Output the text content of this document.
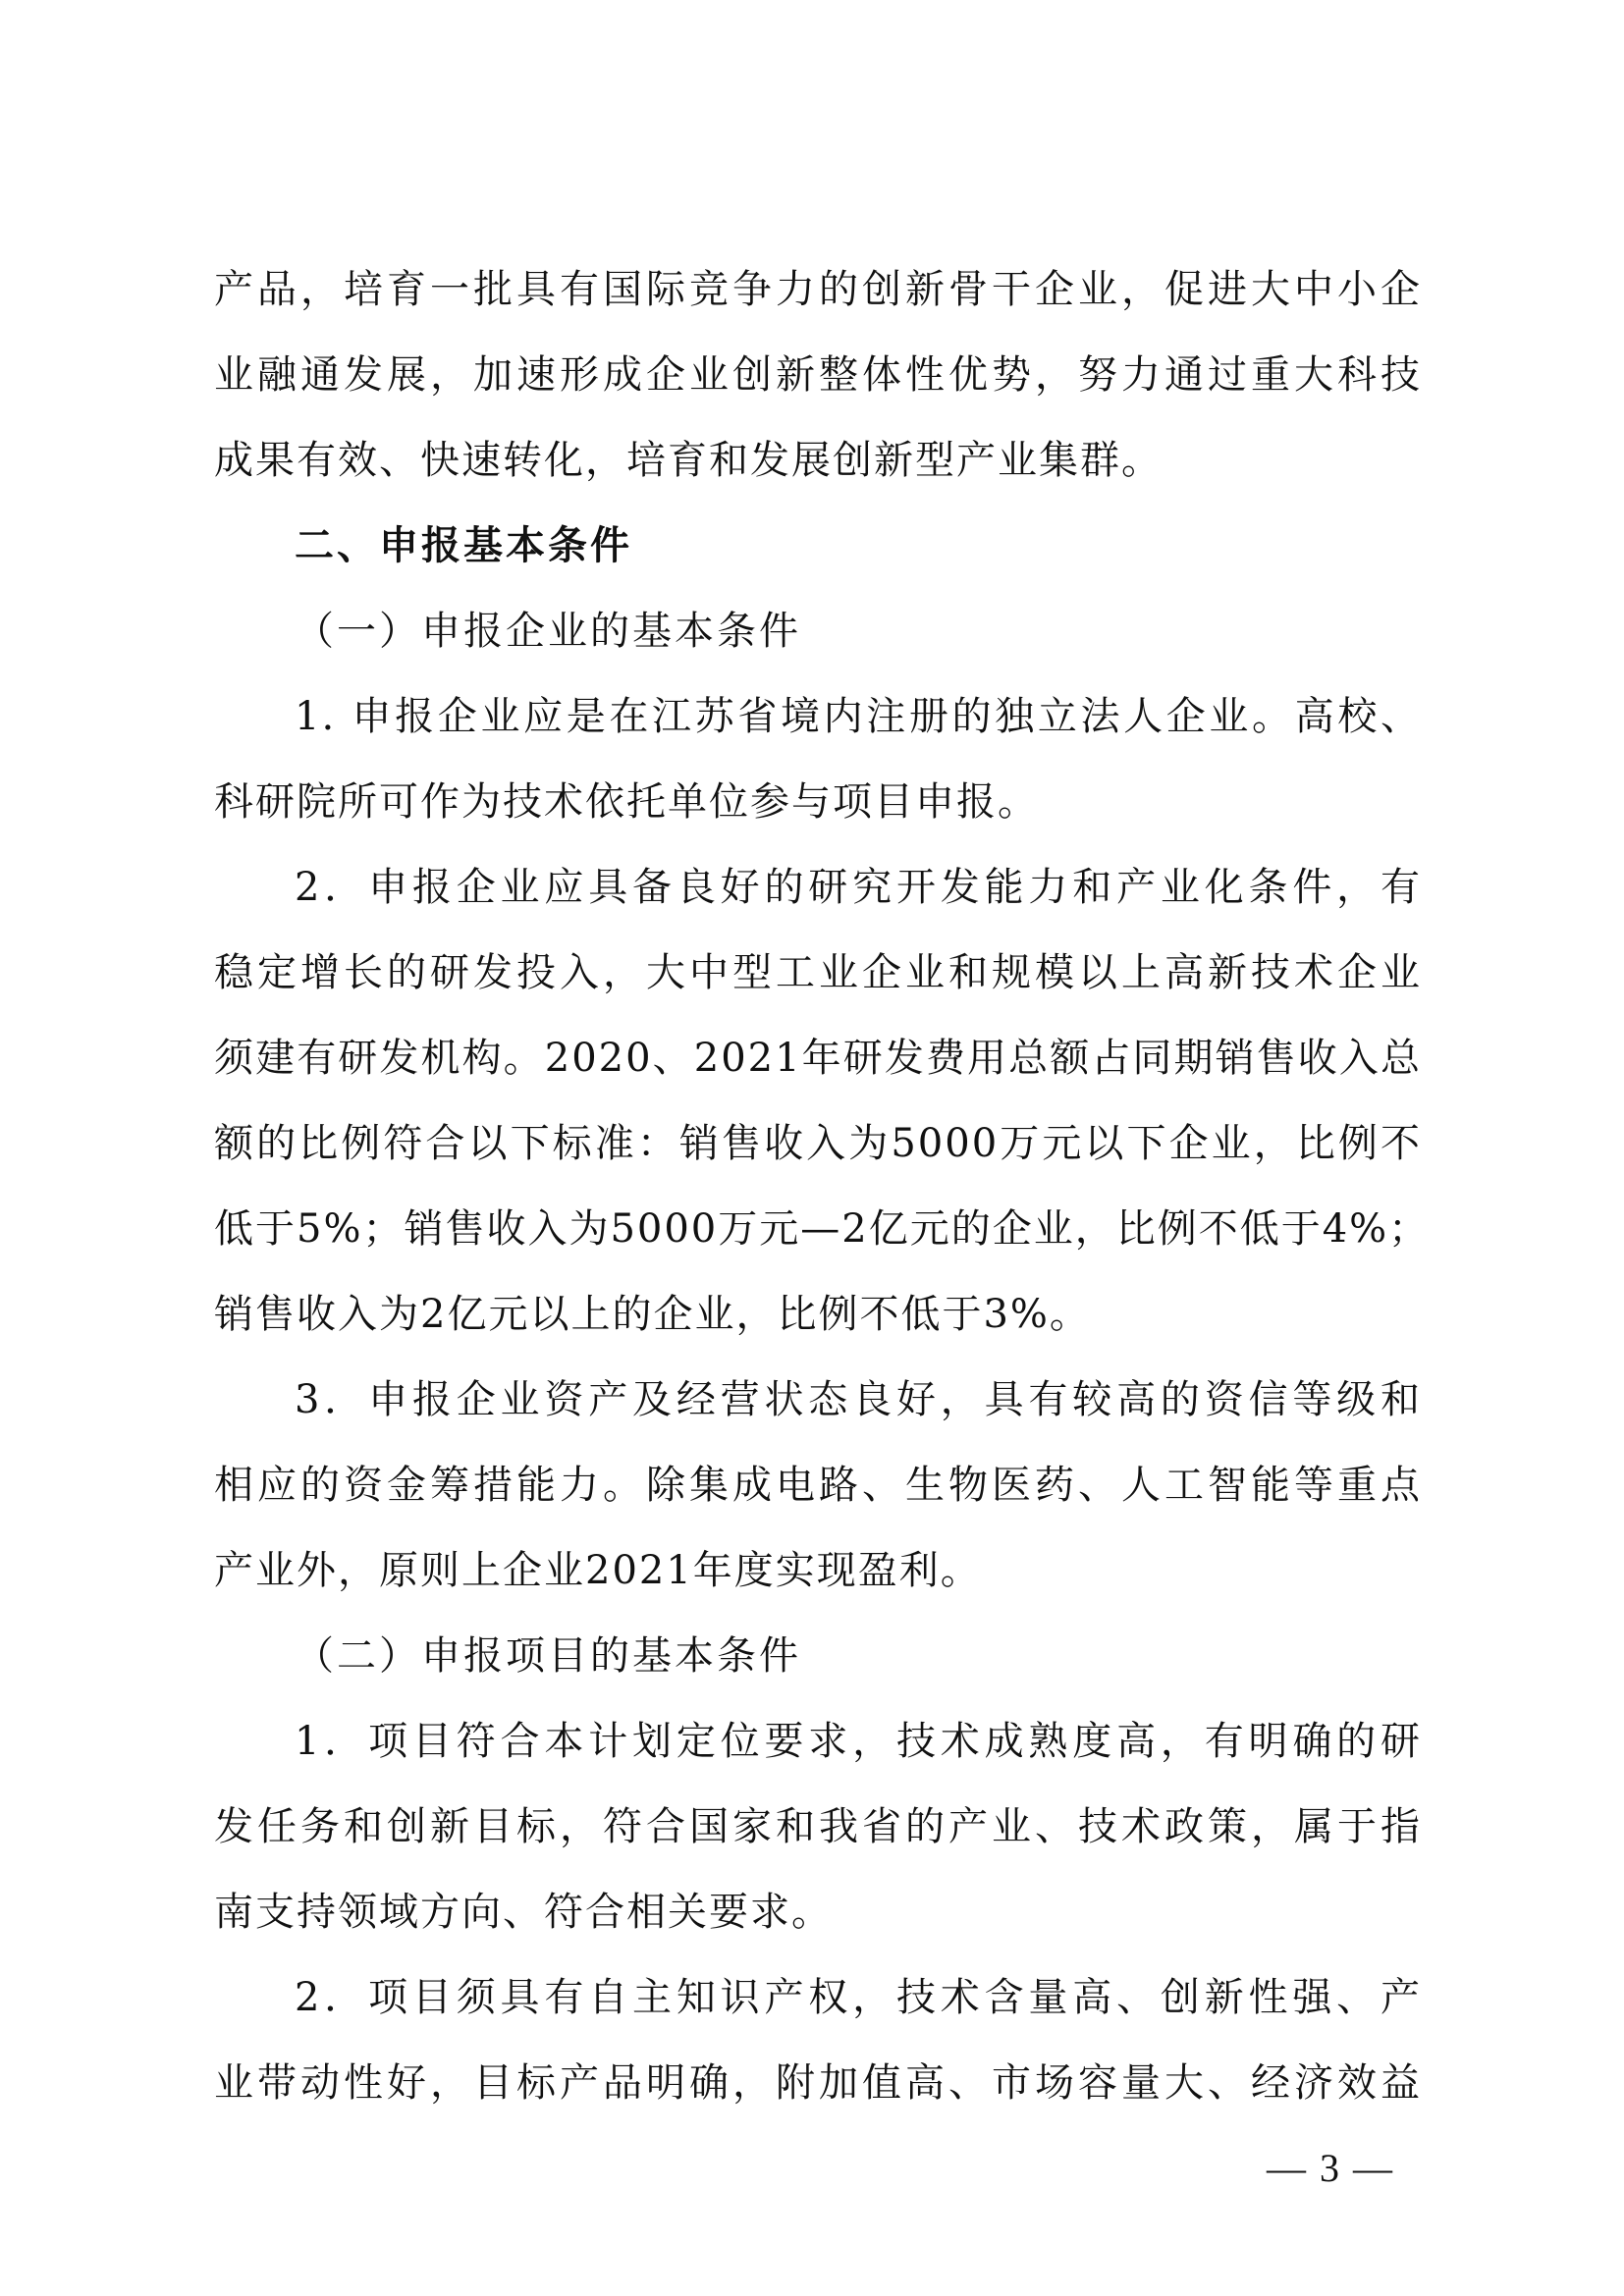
产品，培育一批具有国际竞争力的创新骨干企业，促进大中小企
业融通发展，加速形成企业创新整体性优势，努力通过重大科技
成果有效、快速转化，培育和发展创新型产业集群。
二、申报基本条件
（一）申报企业的基本条件
1. 申报企业应是在江苏省境内注册的独立法人企业。高校、
科研院所可作为技术依托单位参与项目申报。
2．申报企业应具备良好的研究开发能力和产业化条件，有
稳定增长的研发投入，大中型工业企业和规模以上高新技术企业
须建有研发机构。2020、2021年研发费用总额占同期销售收入总
额的比例符合以下标准：销售收入为5000万元以下企业，比例不
低于5%；销售收入为5000万元—2亿元的企业，比例不低于4%；
销售收入为2亿元以上的企业，比例不低于3%。
3．申报企业资产及经营状态良好，具有较高的资信等级和
相应的资金筹措能力。除集成电路、生物医药、人工智能等重点
产业外，原则上企业2021年度实现盈利。
（二）申报项目的基本条件
1．项目符合本计划定位要求，技术成熟度高，有明确的研
发任务和创新目标，符合国家和我省的产业、技术政策，属于指
南支持领域方向、符合相关要求。
2．项目须具有自主知识产权，技术含量高、创新性强、产
业带动性好，目标产品明确，附加值高、市场容量大、经济效益
— 3 —
